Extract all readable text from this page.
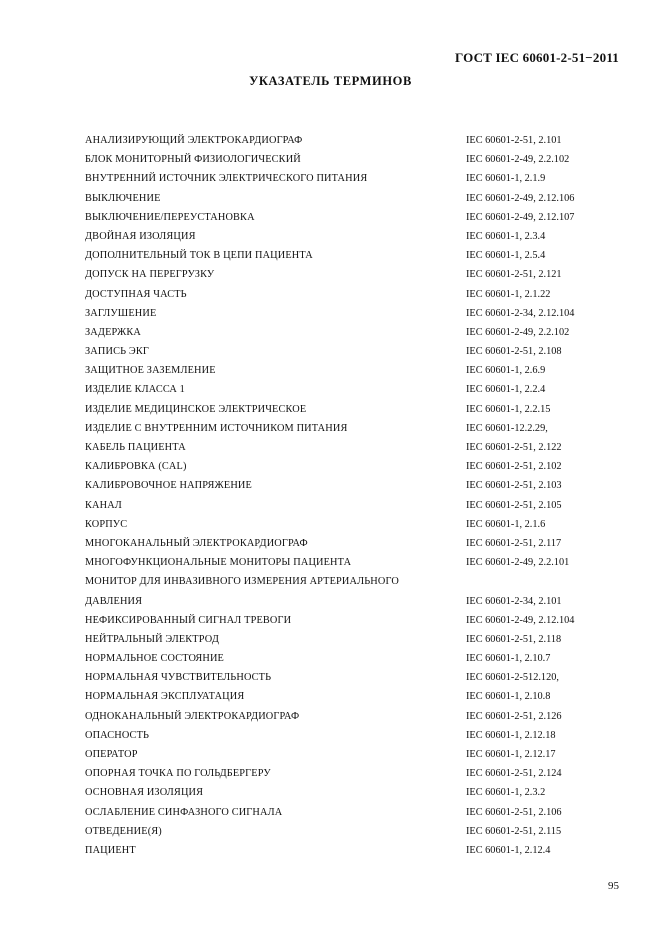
ГОСТ IEC 60601-2-51−2011
УКАЗАТЕЛЬ ТЕРМИНОВ
АНАЛИЗИРУЮЩИЙ ЭЛЕКТРОКАРДИОГРАФ	IEC 60601-2-51, 2.101
БЛОК МОНИТОРНЫЙ ФИЗИОЛОГИЧЕСКИЙ	IEC 60601-2-49, 2.2.102
ВНУТРЕННИЙ ИСТОЧНИК ЭЛЕКТРИЧЕСКОГО ПИТАНИЯ	IEC 60601-1, 2.1.9
ВЫКЛЮЧЕНИЕ	IEC 60601-2-49, 2.12.106
ВЫКЛЮЧЕНИЕ/ПЕРЕУСТАНОВКА	IEC 60601-2-49, 2.12.107
ДВОЙНАЯ ИЗОЛЯЦИЯ	IEC 60601-1, 2.3.4
ДОПОЛНИТЕЛЬНЫЙ ТОК В ЦЕПИ ПАЦИЕНТА	IEC 60601-1, 2.5.4
ДОПУСК НА ПЕРЕГРУЗКУ	IEC 60601-2-51, 2.121
ДОСТУПНАЯ ЧАСТЬ	IEC 60601-1, 2.1.22
ЗАГЛУШЕНИЕ	IEC 60601-2-34, 2.12.104
ЗАДЕРЖКА	IEC 60601-2-49, 2.2.102
ЗАПИСЬ ЭКГ	IEC 60601-2-51, 2.108
ЗАЩИТНОЕ ЗАЗЕМЛЕНИЕ	IEC 60601-1, 2.6.9
ИЗДЕЛИЕ КЛАССА 1	IEC 60601-1, 2.2.4
ИЗДЕЛИЕ МЕДИЦИНСКОЕ ЭЛЕКТРИЧЕСКОЕ	IEC 60601-1, 2.2.15
ИЗДЕЛИЕ С ВНУТРЕННИМ ИСТОЧНИКОМ ПИТАНИЯ	IEC 60601-12.2.29,
КАБЕЛЬ ПАЦИЕНТА	IEC 60601-2-51, 2.122
КАЛИБРОВКА (CAL)	IEC 60601-2-51, 2.102
КАЛИБРОВОЧНОЕ НАПРЯЖЕНИЕ	IEC 60601-2-51, 2.103
КАНАЛ	IEC 60601-2-51, 2.105
КОРПУС	IEC 60601-1, 2.1.6
МНОГОКАНАЛЬНЫЙ ЭЛЕКТРОКАРДИОГРАФ	IEC 60601-2-51, 2.117
МНОГОФУНКЦИОНАЛЬНЫЕ МОНИТОРЫ ПАЦИЕНТА	IEC 60601-2-49, 2.2.101
МОНИТОР ДЛЯ ИНВАЗИВНОГО ИЗМЕРЕНИЯ АРТЕРИАЛЬНОГО
ДАВЛЕНИЯ	IEC 60601-2-34, 2.101
НЕФИКСИРОВАННЫЙ СИГНАЛ ТРЕВОГИ	IEC 60601-2-49, 2.12.104
НЕЙТРАЛЬНЫЙ ЭЛЕКТРОД	IEC 60601-2-51, 2.118
НОРМАЛЬНОЕ СОСТОЯНИЕ	IEC 60601-1, 2.10.7
НОРМАЛЬНАЯ ЧУВСТВИТЕЛЬНОСТЬ	IEC 60601-2-512.120,
НОРМАЛЬНАЯ ЭКСПЛУАТАЦИЯ	IEC 60601-1, 2.10.8
ОДНОКАНАЛЬНЫЙ ЭЛЕКТРОКАРДИОГРАФ	IEC 60601-2-51, 2.126
ОПАСНОСТЬ	IEC 60601-1, 2.12.18
ОПЕРАТОР	IEC 60601-1, 2.12.17
ОПОРНАЯ ТОЧКА ПО ГОЛЬДБЕРГЕРУ	IEC 60601-2-51, 2.124
ОСНОВНАЯ ИЗОЛЯЦИЯ	IEC 60601-1, 2.3.2
ОСЛАБЛЕНИЕ СИНФАЗНОГО СИГНАЛА	IEC 60601-2-51, 2.106
ОТВЕДЕНИЕ(Я)	IEC 60601-2-51, 2.115
ПАЦИЕНТ	IEC 60601-1, 2.12.4
95
